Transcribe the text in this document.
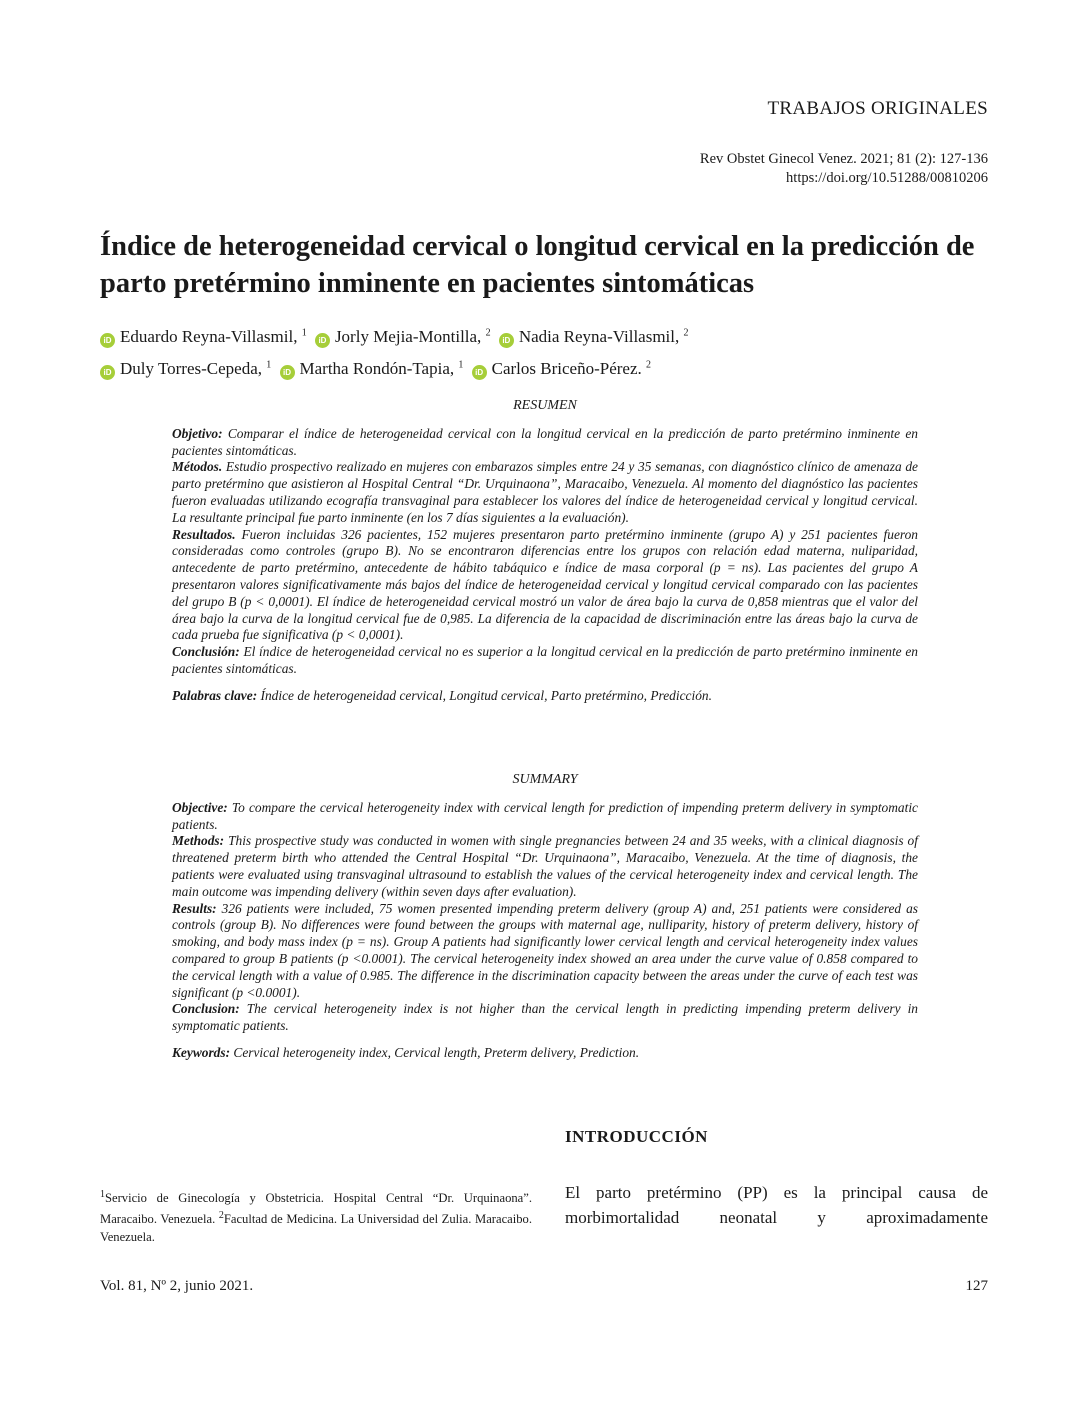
TRABAJOS ORIGINALES
Rev Obstet Ginecol Venez. 2021; 81 (2): 127-136
https://doi.org/10.51288/00810206
Índice de heterogeneidad cervical o longitud cervical en la predicción de parto pretérmino inminente en pacientes sintomáticas
iD Eduardo Reyna-Villasmil, $^1$ iD Jorly Mejia-Montilla, $^2$ iD Nadia Reyna-Villasmil, $^2$
iD Duly Torres-Cepeda, $^1$ iD Martha Rondón-Tapia, $^1$ iD Carlos Briceño-Pérez. $^2$
RESUMEN

Objetivo: Comparar el índice de heterogeneidad cervical con la longitud cervical en la predicción de parto pretérmino inminente en pacientes sintomáticas.

Métodos. Estudio prospectivo realizado en mujeres con embarazos simples entre 24 y 35 semanas, con diagnóstico clínico de amenaza de parto pretérmino que asistieron al Hospital Central “Dr. Urquinaona”, Maracaibo, Venezuela. Al momento del diagnóstico las pacientes fueron evaluadas utilizando ecografía transvaginal para establecer los valores del índice de heterogeneidad cervical y longitud cervical. La resultante principal fue parto inminente (en los 7 días siguientes a la evaluación).

Resultados. Fueron incluidas 326 pacientes, 152 mujeres presentaron parto pretérmino inminente (grupo A) y 251 pacientes fueron consideradas como controles (grupo B). No se encontraron diferencias entre los grupos con relación edad materna, nuliparidad, antecedente de parto pretérmino, antecedente de hábito tabáquico e índice de masa corporal (p = ns). Las pacientes del grupo A presentaron valores significativamente más bajos del índice de heterogeneidad cervical y longitud cervical comparado con las pacientes del grupo B (p < 0,0001). El índice de heterogeneidad cervical mostró un valor de área bajo la curva de 0,858 mientras que el valor del área bajo la curva de la longitud cervical fue de 0,985. La diferencia de la capacidad de discriminación entre las áreas bajo la curva de cada prueba fue significativa (p < 0,0001).

Conclusión: El índice de heterogeneidad cervical no es superior a la longitud cervical en la predicción de parto pretérmino inminente en pacientes sintomáticas.

Palabras clave: Índice de heterogeneidad cervical, Longitud cervical, Parto pretérmino, Predicción.

SUMMARY

Objective: To compare the cervical heterogeneity index with cervical length for prediction of impending preterm delivery in symptomatic patients.

Methods: This prospective study was conducted in women with single pregnancies between 24 and 35 weeks, with a clinical diagnosis of threatened preterm birth who attended the Central Hospital “Dr. Urquinaona”, Maracaibo, Venezuela. At the time of diagnosis, the patients were evaluated using transvaginal ultrasound to establish the values of the cervical heterogeneity index and cervical length. The main outcome was impending delivery (within seven days after evaluation).

Results: 326 patients were included, 75 women presented impending preterm delivery (group A) and, 251 patients were considered as controls (group B). No differences were found between the groups with maternal age, nulliparity, history of preterm delivery, history of smoking, and body mass index (p = ns). Group A patients had significantly lower cervical length and cervical heterogeneity index values compared to group B patients (p <0.0001). The cervical heterogeneity index showed an area under the curve value of 0.858 compared to the cervical length with a value of 0.985. The difference in the discrimination capacity between the areas under the curve of each test was significant (p <0.0001).

Conclusion: The cervical heterogeneity index is not higher than the cervical length in predicting impending preterm delivery in symptomatic patients.

Keywords: Cervical heterogeneity index, Cervical length, Preterm delivery, Prediction.

INTRODUCCIÓN
$^1$Servicio de Ginecología y Obstetricia. Hospital Central “Dr. Urquinaona”. Maracaibo. Venezuela. $^2$Facultad de Medicina. La Universidad del Zulia. Maracaibo. Venezuela.
El parto pretérmino (PP) es la principal causa de morbimortalidad neonatal y aproximadamente
Vol. 81, Nº 2, junio 2021.	127
